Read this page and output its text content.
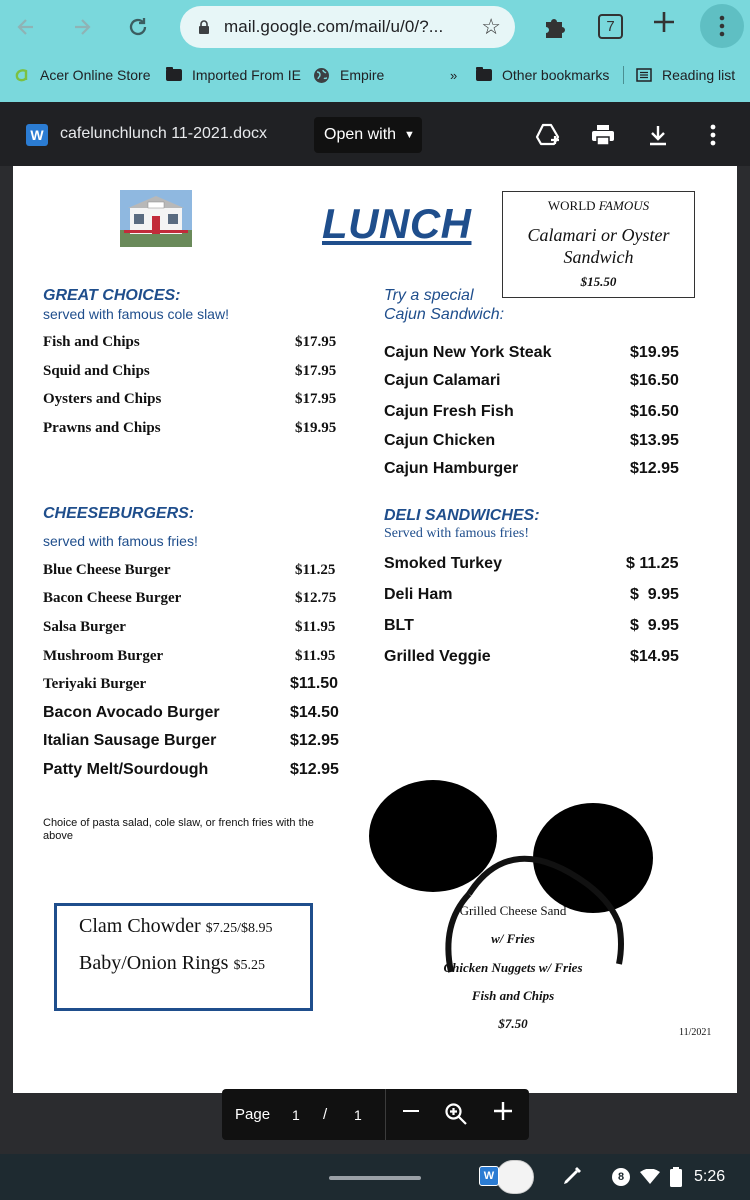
mail.google.com/mail/u/0/?... ☆	7
Acer Online Store	Imported From IE	Empire	»	Other bookmarks	Reading list
W cafelunchlunch 11-2021.docx	Open with ▼
LUNCH	WORLD FAMOUS
Calamari or Oyster Sandwich
$15.50
GREAT CHOICES:
served with famous cole slaw!
Fish and Chips	$17.95
Squid and Chips	$17.95
Oysters and Chips	$17.95
Prawns and Chips	$19.95
Try a special
Cajun Sandwich:
Cajun New York Steak	$19.95
Cajun Calamari	$16.50
Cajun Fresh Fish	$16.50
Cajun Chicken	$13.95
Cajun Hamburger	$12.95
CHEESEBURGERS:
served with famous fries!
Blue Cheese Burger	$11.25
Bacon Cheese Burger	$12.75
Salsa Burger	$11.95
Mushroom Burger	$11.95
Teriyaki Burger	$11.50
Bacon Avocado Burger	$14.50
Italian Sausage Burger	$12.95
Patty Melt/Sourdough	$12.95
DELI SANDWICHES:
Served with famous fries!
Smoked Turkey	$ 11.25
Deli Ham	$  9.95
BLT	$  9.95
Grilled Veggie	$14.95
Choice of pasta salad, cole slaw, or french fries with the above
Clam Chowder $7.25/$8.95
Baby/Onion Rings $5.25
Grilled Cheese Sand
w/ Fries
Chicken Nuggets w/ Fries
Fish and Chips
$7.50
11/2021
Page 1 / 1
W	8	5:26
